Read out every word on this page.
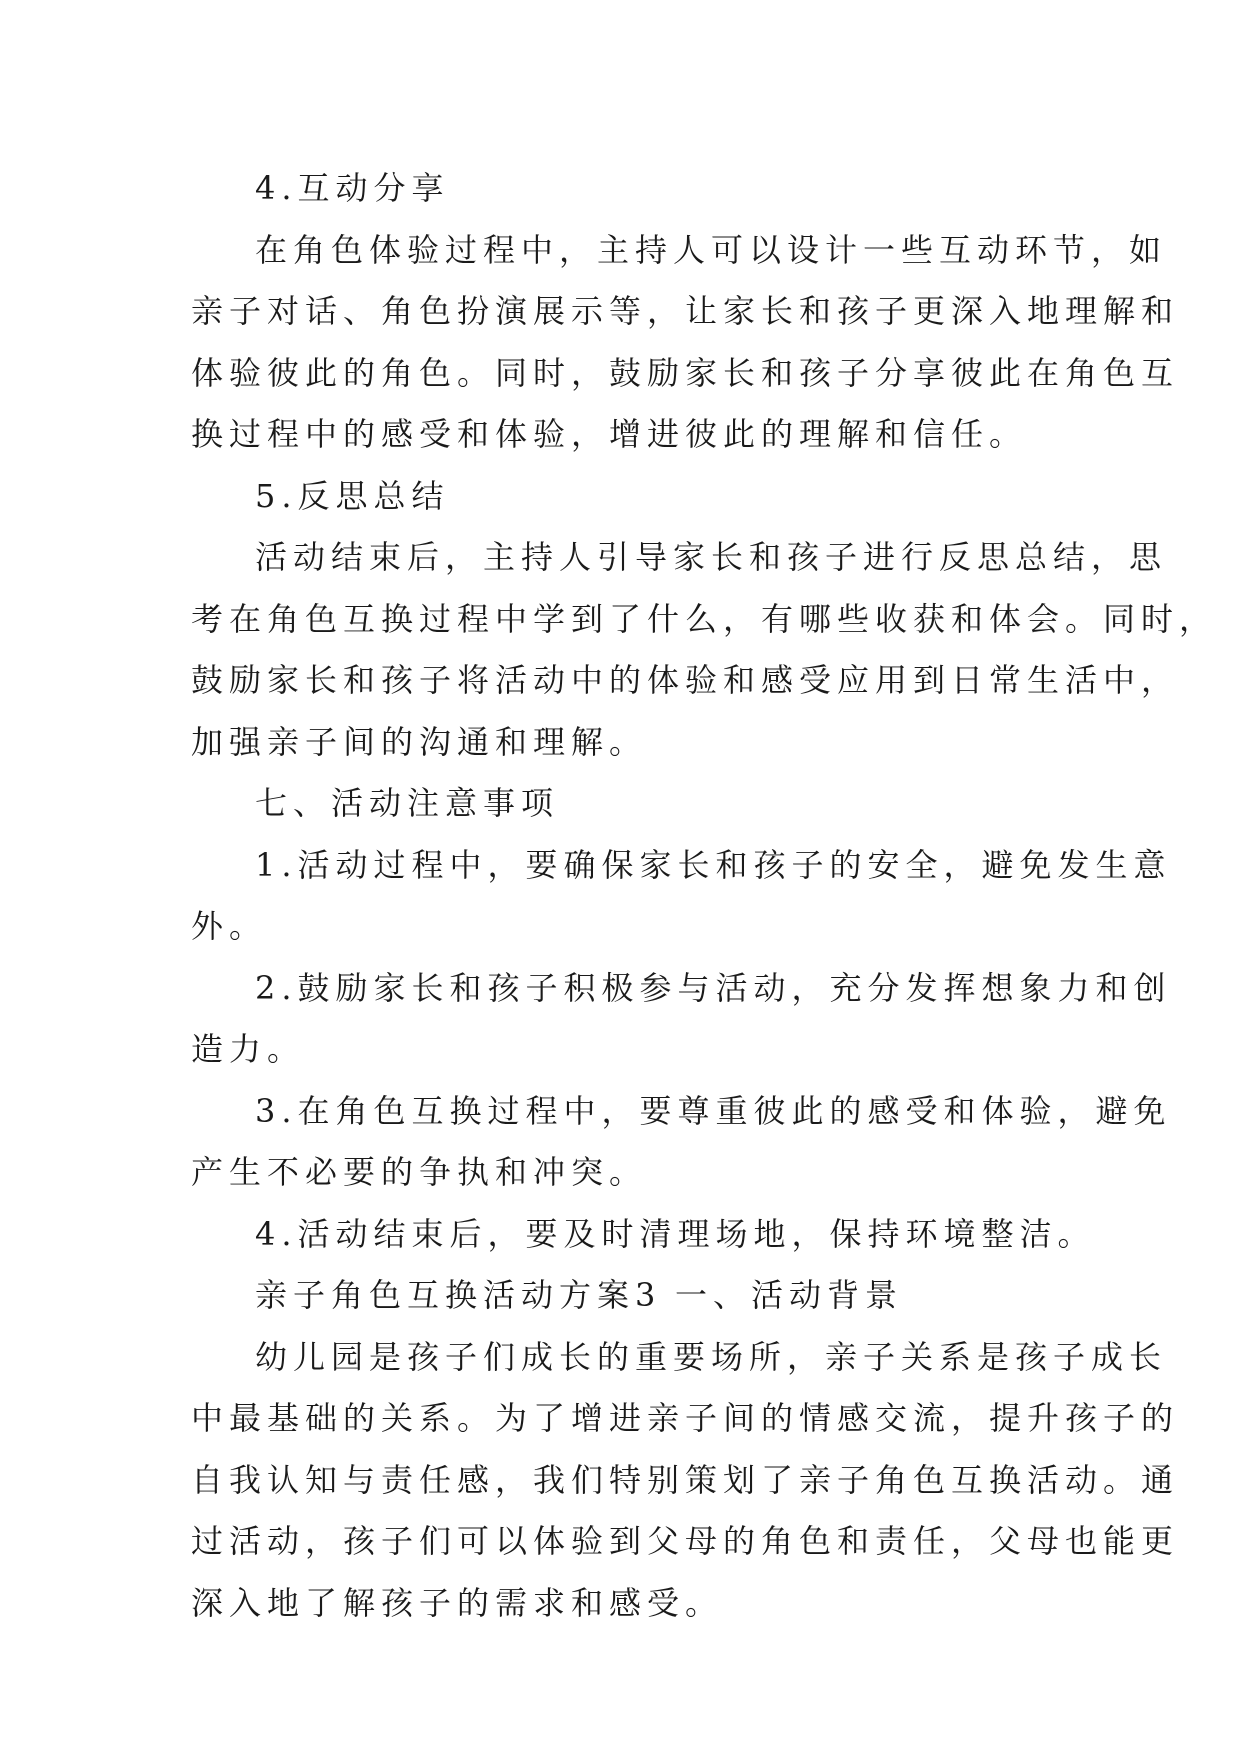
4.互动分享
在角色体验过程中，主持人可以设计一些互动环节，如
亲子对话、角色扮演展示等，让家长和孩子更深入地理解和
体验彼此的角色。同时，鼓励家长和孩子分享彼此在角色互
换过程中的感受和体验，增进彼此的理解和信任。
5.反思总结
活动结束后，主持人引导家长和孩子进行反思总结，思
考在角色互换过程中学到了什么，有哪些收获和体会。同时，
鼓励家长和孩子将活动中的体验和感受应用到日常生活中，
加强亲子间的沟通和理解。
七、活动注意事项
1.活动过程中，要确保家长和孩子的安全，避免发生意
外。
2.鼓励家长和孩子积极参与活动，充分发挥想象力和创
造力。
3.在角色互换过程中，要尊重彼此的感受和体验，避免
产生不必要的争执和冲突。
4.活动结束后，要及时清理场地，保持环境整洁。
亲子角色互换活动方案3 一、活动背景
幼儿园是孩子们成长的重要场所，亲子关系是孩子成长
中最基础的关系。为了增进亲子间的情感交流，提升孩子的
自我认知与责任感，我们特别策划了亲子角色互换活动。通
过活动，孩子们可以体验到父母的角色和责任，父母也能更
深入地了解孩子的需求和感受。
